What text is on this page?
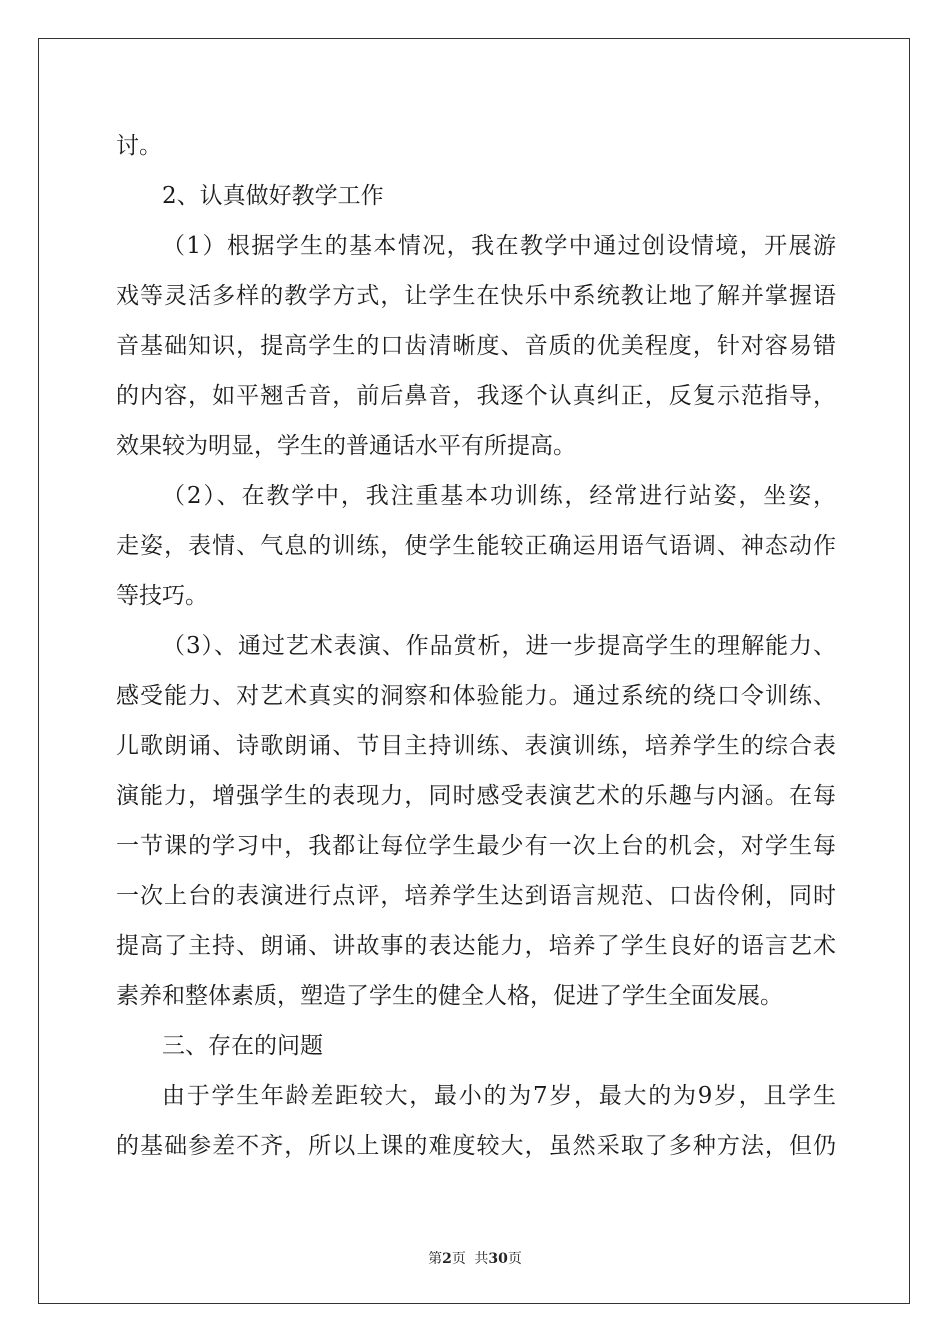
讨。
2、认真做好教学工作
（1）根据学生的基本情况，我在教学中通过创设情境，开展游
戏等灵活多样的教学方式，让学生在快乐中系统教让地了解并掌握语
音基础知识，提高学生的口齿清晰度、音质的优美程度，针对容易错
的内容，如平翘舌音，前后鼻音，我逐个认真纠正，反复示范指导，
效果较为明显，学生的普通话水平有所提高。
（2）、在教学中，我注重基本功训练，经常进行站姿，坐姿，
走姿，表情、气息的训练，使学生能较正确运用语气语调、神态动作
等技巧。
（3）、通过艺术表演、作品赏析，进一步提高学生的理解能力、
感受能力、对艺术真实的洞察和体验能力。通过系统的绕口令训练、
儿歌朗诵、诗歌朗诵、节目主持训练、表演训练，培养学生的综合表
演能力，增强学生的表现力，同时感受表演艺术的乐趣与内涵。在每
一节课的学习中，我都让每位学生最少有一次上台的机会，对学生每
一次上台的表演进行点评，培养学生达到语言规范、口齿伶俐，同时
提高了主持、朗诵、讲故事的表达能力，培养了学生良好的语言艺术
素养和整体素质，塑造了学生的健全人格，促进了学生全面发展。
三、存在的问题
由于学生年龄差距较大，最小的为7岁，最大的为9岁，且学生
的基础参差不齐，所以上课的难度较大，虽然采取了多种方法，但仍
第2页 共30页
